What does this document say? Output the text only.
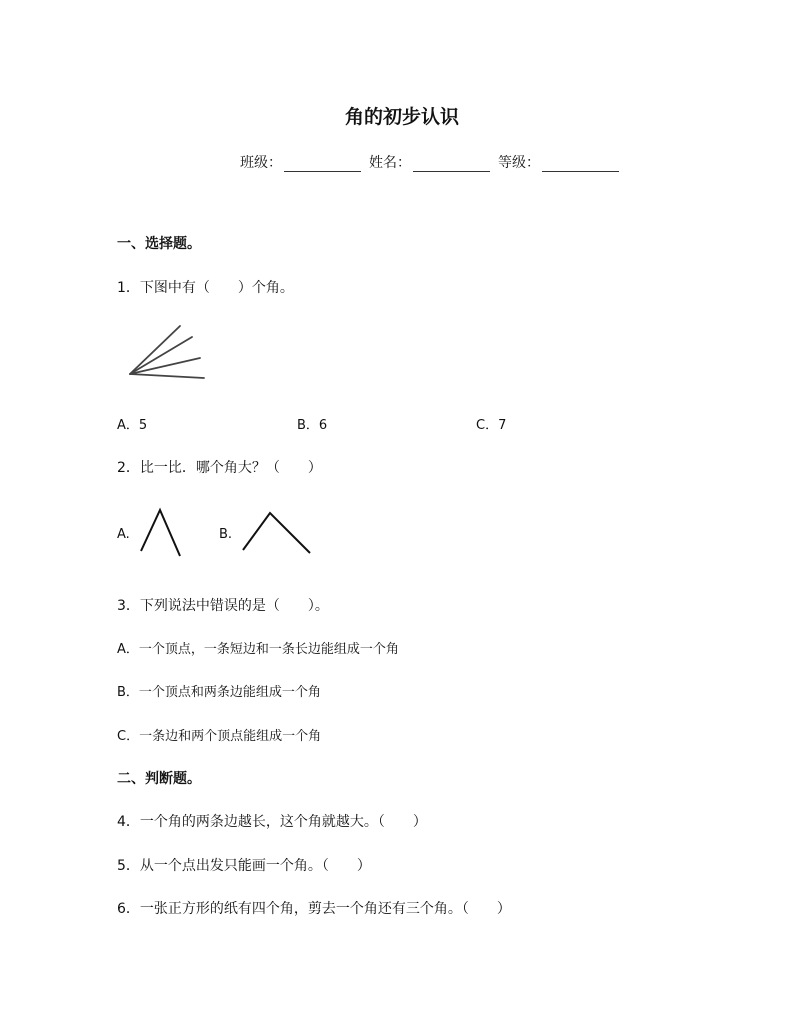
角的初步认识
班级：	姓名：	等级：
一、选择题。
1．下图中有（　　）个角。
A．5	B．6	C．7
2．比一比．哪个角大？（　　）
A.	B.
3．下列说法中错误的是（　　）。
A．一个顶点，一条短边和一条长边能组成一个角
B．一个顶点和两条边能组成一个角
C．一条边和两个顶点能组成一个角
二、判断题。
4．一个角的两条边越长，这个角就越大。（　　）
5．从一个点出发只能画一个角。（　　）
6．一张正方形的纸有四个角，剪去一个角还有三个角。（　　）
